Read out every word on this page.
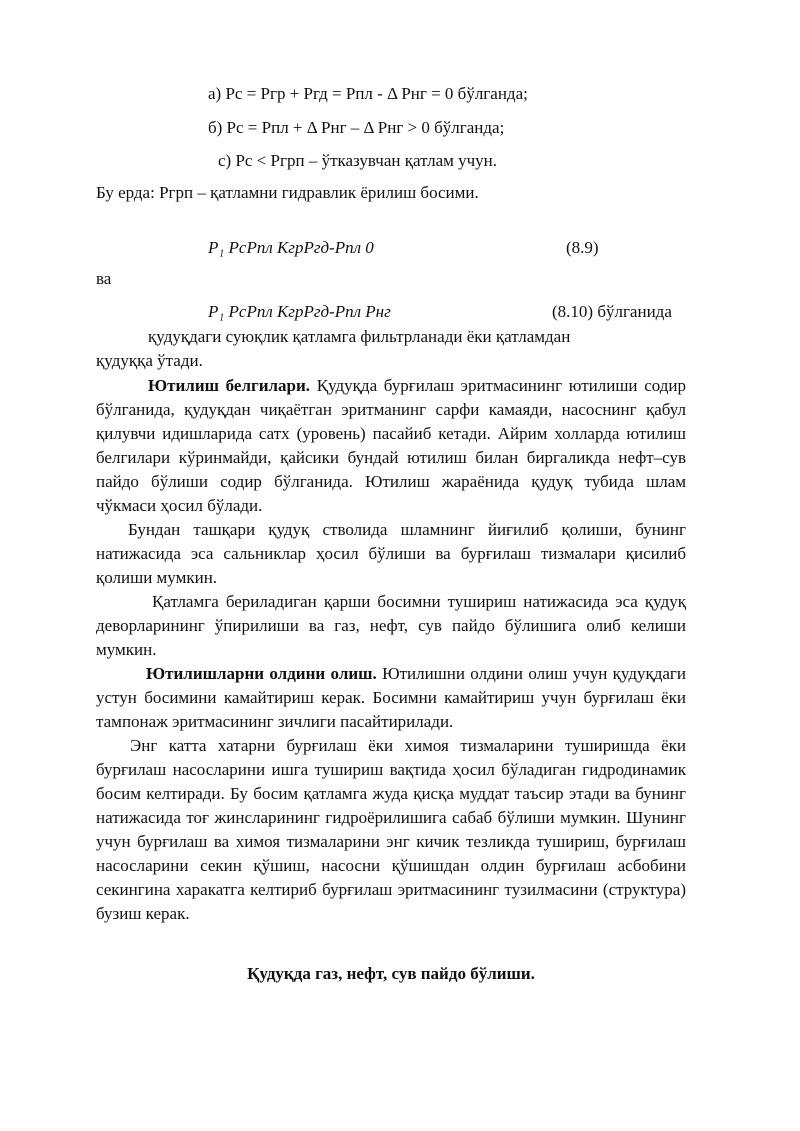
а) Рс = Ргр + Ргд = Рпл - Δ Рнг = 0 бўлганда;
б) Рс = Рпл + Δ Рнг – Δ Рнг > 0 бўлганда;
с) Рс < Ргрп – ўтказувчан қатлам учун.
Бу ерда: Pгрп – қатламни гидравлик ёрилиш босими.
P₁ PсPпл КгрPгд-Pпл 0	(8.9)
ва
P₁ PсPпл КгрPгд-Pпл Pнг	(8.10) бўлганида
қудуқдаги суюқлик қатламга фильтрланади ёки қатламдан
қудуққа ўтади.

Ютилиш белгилари. Қудуқда бурғилаш эритмасининг ютилиши содир бўлганида, қудуқдан чиқаётган эритманинг сарфи камаяди, насоснинг қабул қилувчи идишларида сатх (уровень) пасайиб кетади. Айрим холларда ютилиш белгилари кўринмайди, қайсики бундай ютилиш билан биргаликда нефт–сув пайдо бўлиши содир бўлганида. Ютилиш жараёнида қудуқ тубида шлам чўкмаси ҳосил бўлади.

Бундан ташқари қудуқ стволида шламнинг йиғилиб қолиши, бунинг натижасида эса сальниклар ҳосил бўлиши ва бурғилаш тизмалари қисилиб қолиши мумкин.

Қатламга бериладиган қарши босимни тушириш натижасида эса қудуқ деворларининг ўпирилиши ва газ, нефт, сув пайдо бўлишига олиб келиши мумкин.

Ютилишларни олдини олиш. Ютилишни олдини олиш учун қудуқдаги устун босимини камайтириш керак. Босимни камайтириш учун бурғилаш ёки тампонаж эритмасининг зичлиги пасайтирилади.

Энг катта хатарни бурғилаш ёки химоя тизмаларини туширишда ёки бурғилаш насосларини ишга тушириш вақтида ҳосил бўладиган гидродинамик босим келтиради. Бу босим қатламга жуда қисқа муддат таъсир этади ва бунинг натижасида тоғ жинсларининг гидроёрилишига сабаб бўлиши мумкин. Шунинг учун бурғилаш ва химоя тизмаларини энг кичик тезликда тушириш, бурғилаш насосларини секин қўшиш, насосни қўшишдан олдин бурғилаш асбобини секингина харакатга келтириб бурғилаш эритмасининг тузилмасини (структура) бузиш керак.

Қудуқда газ, нефт, сув пайдо бўлиши.
